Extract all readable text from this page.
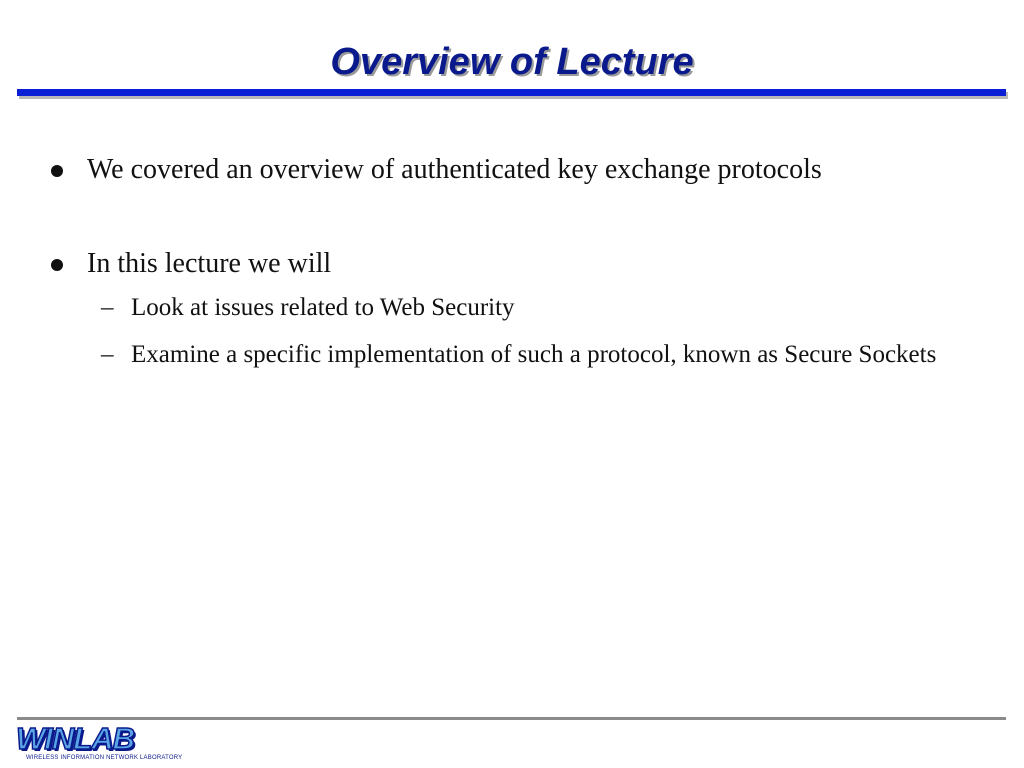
Overview of Lecture
We covered an overview of authenticated key exchange protocols
In this lecture we will
– Look at issues related to Web Security
– Examine a specific implementation of such a protocol, known as Secure Sockets
WINLAB
WIRELESS INFORMATION NETWORK LABORATORY
